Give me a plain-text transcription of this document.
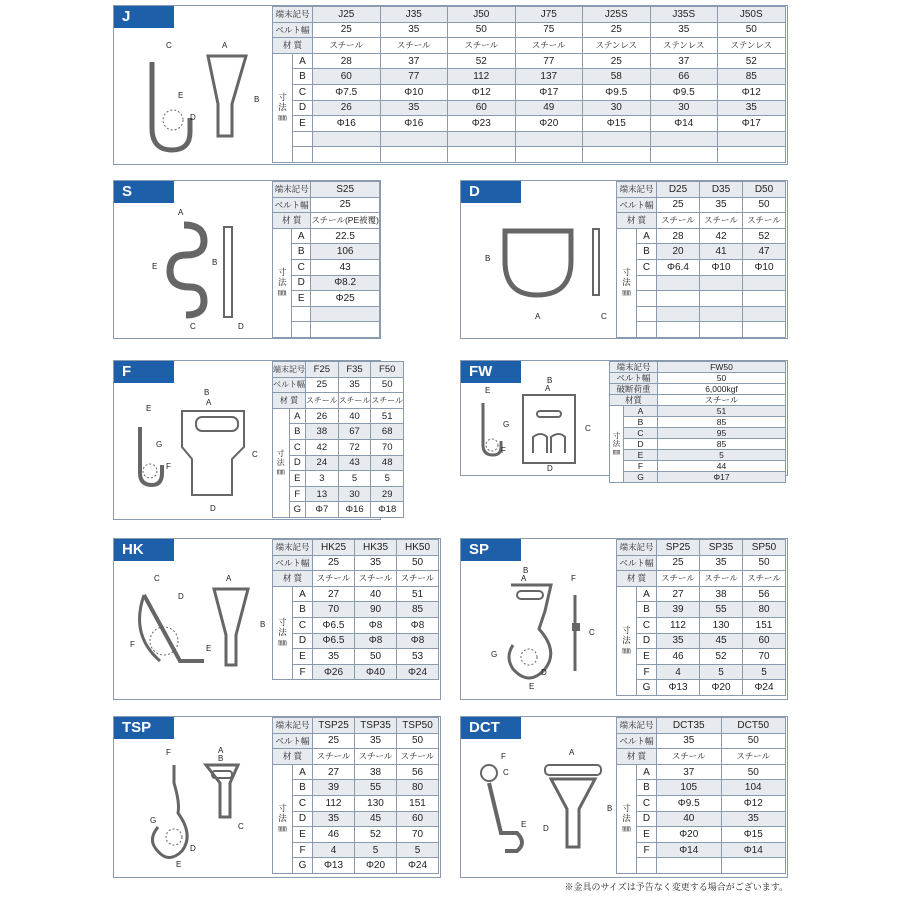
J
C	A
E
D
B
端末記号		J25	J35	J50	J75	J25S	J35S	J50S
ベルト幅		25	35	50	75	25	35	50
材 質		スチール	スチール	スチール	スチール	ステンレス	ステンレス	ステンレス
寸
法
㎜	A	28	37	52	77	25	37	52
	B	60	77	112	137	58	66	85
	C	Φ7.5	Φ10	Φ12	Φ17	Φ9.5	Φ9.5	Φ12
	D	26	35	60	49	30	30	35
	E	Φ16	Φ16	Φ23	Φ20	Φ15	Φ14	Φ17

S
A
E
C
B
D
端末記号		S25
ベルト幅		25
材 質		スチール(PE被覆)
寸
法
㎜	A	22.5
	B	106
	C	43
	D	Φ8.2
	E	Φ25

D
A
B
C
端末記号		D25	D35	D50
ベルト幅		25	35	50
材 質		スチール	スチール	スチール
寸
法
㎜	A	28	42	52
	B	20	41	47
	C	Φ6.4	Φ10	Φ10

F
B
A
E
G
F
C
D
端末記号		F25	F35	F50
ベルト幅		25	35	50
材 質		スチール	スチール	スチール
寸
法
㎜	A	26	40	51
	B	38	67	68
	C	42	72	70
	D	24	43	48
	E	3	5	5
	F	13	30	29
	G	Φ7	Φ16	Φ18
FW
B
A
E
G
F
C
D
端末記号		FW50
ベルト幅		50
破断荷重		6,000kgf
材質		スチール
寸
法
㎜	A	51
	B	85
	C	95
	D	85
	E	5
	F	44
	G	Φ17
HK
C	A
D
F	E
B
端末記号		HK25	HK35	HK50
ベルト幅		25	35	50
材 質		スチール	スチール	スチール
寸
法
㎜	A	27	40	51
	B	70	90	85
	C	Φ6.5	Φ8	Φ8
	D	Φ6.5	Φ8	Φ8
	E	35	50	53
	F	Φ26	Φ40	Φ24
SP
B
A	F
G
D
E
C
端末記号		SP25	SP35	SP50
ベルト幅		25	35	50
材 質		スチール	スチール	スチール
寸
法
㎜	A	27	38	56
	B	39	55	80
	C	112	130	151
	D	35	45	60
	E	46	52	70
	F	4	5	5
	G	Φ13	Φ20	Φ24
TSP
F	A
B
G
D
E
C
端末記号		TSP25	TSP35	TSP50
ベルト幅		25	35	50
材 質		スチール	スチール	スチール
寸
法
㎜	A	27	38	56
	B	39	55	80
	C	112	130	151
	D	35	45	60
	E	46	52	70
	F	4	5	5
	G	Φ13	Φ20	Φ24
DCT
A
F
C
E D
B
端末記号		DCT35	DCT50
ベルト幅		35	50
材 質		スチール	スチール
寸
法
㎜	A	37	50
	B	105	104
	C	Φ9.5	Φ12
	D	40	35
	E	Φ20	Φ15
	F	Φ14	Φ14

※金具のサイズは予告なく変更する場合がございます。
